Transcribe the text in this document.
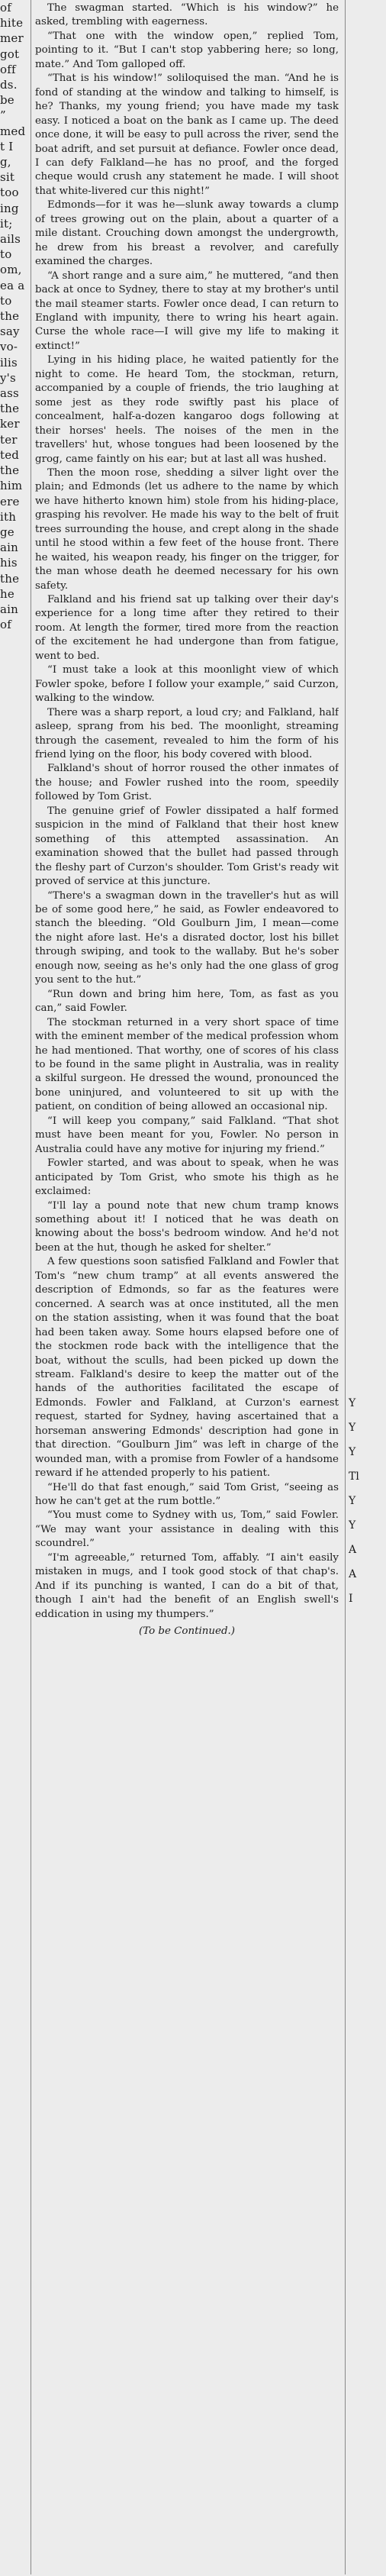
of

hite

mer

got

off

ds.

be

”

med

t I

g,

sit

too

ing

it;

ails

to

om,

ea a

to

the

say

vo-

ilis

y's

ass

the

ker

ter

ted

the

him

ere

ith

ge

ain

his

the

he

ain

of

The swagman started. “Which is his window?” he asked, trembling with eagerness.

“That one with the window open,” replied Tom, pointing to it. “But I can't stop yabbering here; so long, mate.” And Tom galloped off.

“That is his window!” soliloquised the man. “And he is fond of standing at the window and talking to himself, is he? Thanks, my young friend; you have made my task easy. I noticed a boat on the bank as I came up. The deed once done, it will be easy to pull across the river, send the boat adrift, and set pursuit at defiance. Fowler once dead, I can defy Falkland—he has no proof, and the forged cheque would crush any statement he made. I will shoot that white-livered cur this night!”

Edmonds—for it was he—slunk away towards a clump of trees growing out on the plain, about a quarter of a mile distant. Crouching down amongst the undergrowth, he drew from his breast a revolver, and carefully examined the charges.

“A short range and a sure aim,” he muttered, “and then back at once to Sydney, there to stay at my brother's until the mail steamer starts. Fowler once dead, I can return to England with impunity, there to wring his heart again. Curse the whole race—I will give my life to making it extinct!”

Lying in his hiding place, he waited patiently for the night to come. He heard Tom, the stockman, return, accompanied by a couple of friends, the trio laughing at some jest as they rode swiftly past his place of concealment, half-a-dozen kangaroo dogs following at their horses' heels. The noises of the men in the travellers' hut, whose tongues had been loosened by the grog, came faintly on his ear; but at last all was hushed.

Then the moon rose, shedding a silver light over the plain; and Edmonds (let us adhere to the name by which we have hitherto known him) stole from his hiding-place, grasping his revolver. He made his way to the belt of fruit trees surrounding the house, and crept along in the shade until he stood within a few feet of the house front. There he waited, his weapon ready, his finger on the trigger, for the man whose death he deemed necessary for his own safety.

Falkland and his friend sat up talking over their day's experience for a long time after they retired to their room. At length the former, tired more from the reaction of the excitement he had undergone than from fatigue, went to bed.

“I must take a look at this moonlight view of which Fowler spoke, before I follow your example,” said Curzon, walking to the window.

There was a sharp report, a loud cry; and Falkland, half asleep, sprang from his bed. The moonlight, streaming through the casement, revealed to him the form of his friend lying on the floor, his body covered with blood.

Falkland's shout of horror roused the other inmates of the house; and Fowler rushed into the room, speedily followed by Tom Grist.

The genuine grief of Fowler dissipated a half formed suspicion in the mind of Falkland that their host knew something of this attempted assassination. An examination showed that the bullet had passed through the fleshy part of Curzon's shoulder. Tom Grist's ready wit proved of service at this juncture.

“There's a swagman down in the traveller's hut as will be of some good here,” he said, as Fowler endeavored to stanch the bleeding. “Old Goulburn Jim, I mean—come the night afore last. He's a disrated doctor, lost his billet through swiping, and took to the wallaby. But he's sober enough now, seeing as he's only had the one glass of grog you sent to the hut.”

“Run down and bring him here, Tom, as fast as you can,” said Fowler.

The stockman returned in a very short space of time with the eminent member of the medical profession whom he had mentioned. That worthy, one of scores of his class to be found in the same plight in Australia, was in reality a skilful surgeon. He dressed the wound, pronounced the bone uninjured, and volunteered to sit up with the patient, on condition of being allowed an occasional nip.

“I will keep you company,” said Falkland. “That shot must have been meant for you, Fowler. No person in Australia could have any motive for injuring my friend.”

Fowler started, and was about to speak, when he was anticipated by Tom Grist, who smote his thigh as he exclaimed:

“I'll lay a pound note that new chum tramp knows something about it! I noticed that he was death on knowing about the boss's bedroom window. And he'd not been at the hut, though he asked for shelter.”

A few questions soon satisfied Falkland and Fowler that Tom's “new chum tramp” at all events answered the description of Edmonds, so far as the features were concerned. A search was at once instituted, all the men on the station assisting, when it was found that the boat had been taken away. Some hours elapsed before one of the stockmen rode back with the intelligence that the boat, without the sculls, had been picked up down the stream. Falkland's desire to keep the matter out of the hands of the authorities facilitated the escape of Edmonds. Fowler and Falkland, at Curzon's earnest request, started for Sydney, having ascertained that a horseman answering Edmonds' description had gone in that direction. “Goulburn Jim” was left in charge of the wounded man, with a promise from Fowler of a handsome reward if he attended properly to his patient.

“He'll do that fast enough,” said Tom Grist, “seeing as how he can't get at the rum bottle.”

“You must come to Sydney with us, Tom,” said Fowler. “We may want your assistance in dealing with this scoundrel.”

“I'm agreeable,” returned Tom, affably. “I ain't easily mistaken in mugs, and I took good stock of that chap's. And if its punching is wanted, I can do a bit of that, though I ain't had the benefit of an English swell's eddication in using my thumpers.”

(To be Continued.)

Y
Y
Y
Tl
Y
Y
A
A
I
